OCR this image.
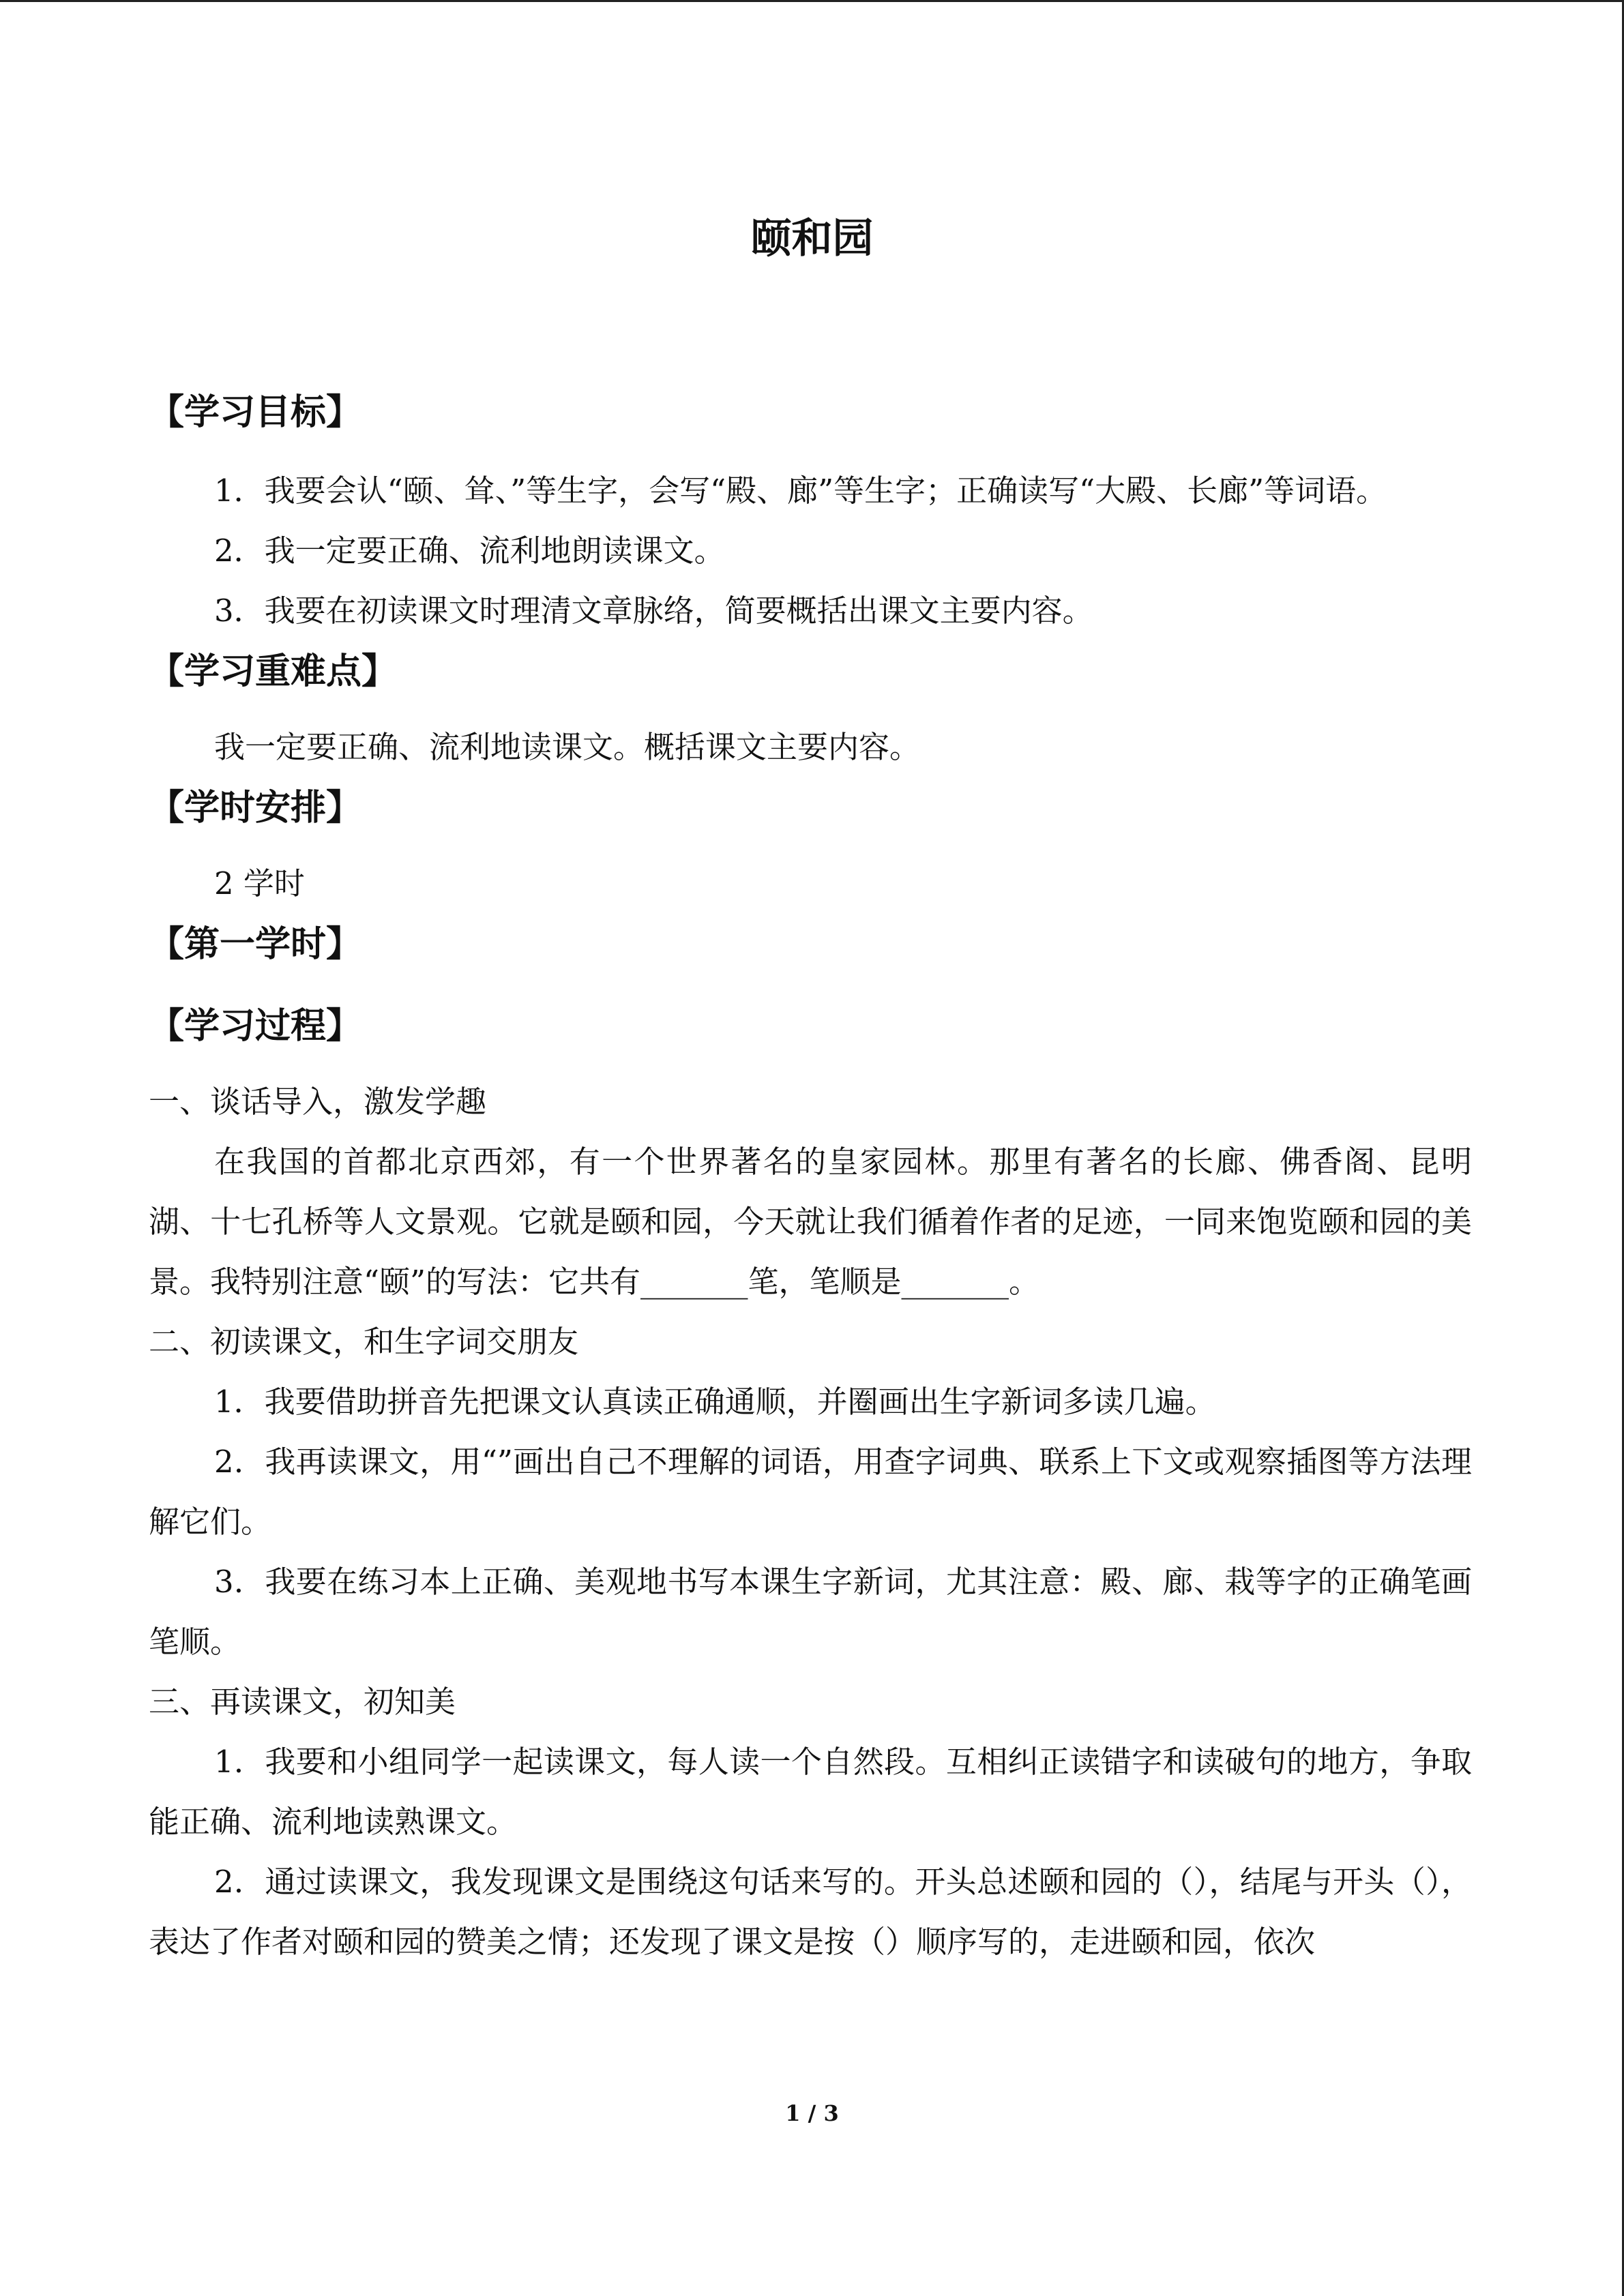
颐和园

【学习目标】

1．我要会认“颐、耸、”等生字，会写“殿、廊”等生字；正确读写“大殿、长廊”等词语。

2．我一定要正确、流利地朗读课文。

3．我要在初读课文时理清文章脉络，简要概括出课文主要内容。

【学习重难点】

我一定要正确、流利地读课文。概括课文主要内容。

【学时安排】

2 学时

【第一学时】

【学习过程】

一、谈话导入，激发学趣

在我国的首都北京西郊，有一个世界著名的皇家园林。那里有著名的长廊、佛香阁、昆明湖、十七孔桥等人文景观。它就是颐和园，今天就让我们循着作者的足迹，一同来饱览颐和园的美景。我特别注意“颐”的写法：它共有_______笔，笔顺是_______。

二、初读课文，和生字词交朋友

1．我要借助拼音先把课文认真读正确通顺，并圈画出生字新词多读几遍。

2．我再读课文，用“”画出自己不理解的词语，用查字词典、联系上下文或观察插图等方法理解它们。

3．我要在练习本上正确、美观地书写本课生字新词，尤其注意：殿、廊、栽等字的正确笔画笔顺。

三、再读课文，初知美

1．我要和小组同学一起读课文，每人读一个自然段。互相纠正读错字和读破句的地方，争取能正确、流利地读熟课文。

2．通过读课文，我发现课文是围绕这句话来写的。开头总述颐和园的（），结尾与开头（），表达了作者对颐和园的赞美之情；还发现了课文是按（）顺序写的，走进颐和园，依次

1 / 3
